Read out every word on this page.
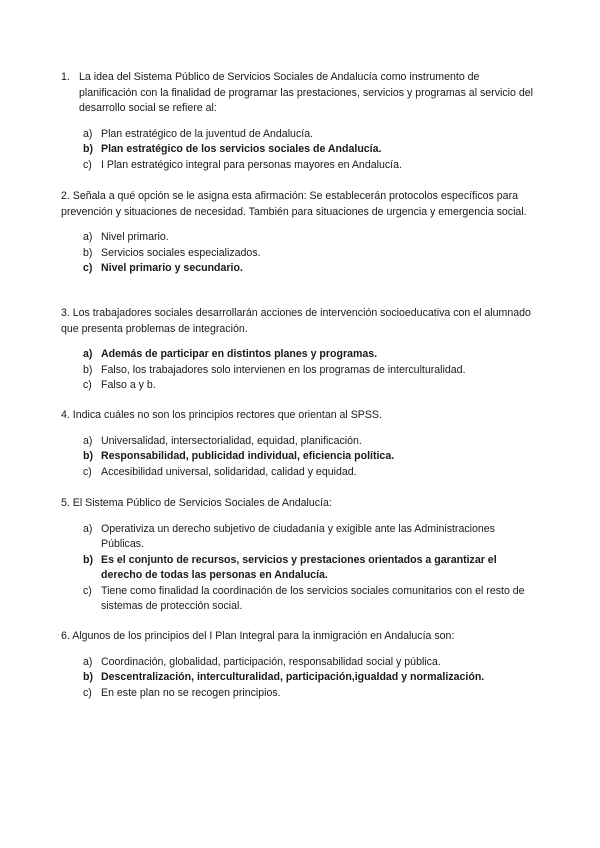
1. La idea del Sistema Público de Servicios Sociales de Andalucía como instrumento de planificación con la finalidad de programar las prestaciones, servicios y programas al servicio del desarrollo social se refiere al:

a) Plan estratégico de la juventud de Andalucía.
b) Plan estratégico de los servicios sociales de Andalucía.
c) I Plan estratégico integral para personas mayores en Andalucía.

2. Señala a qué opción se le asigna esta afirmación: Se establecerán protocolos específicos para prevención y situaciones de necesidad. También para situaciones de urgencia y emergencia social.

a) Nivel primario.
b) Servicios sociales especializados.
c) Nivel primario y secundario.

3. Los trabajadores sociales desarrollarán acciones de intervención socioeducativa con el alumnado que presenta problemas de integración.

a) Además de participar en distintos planes y programas.
b) Falso, los trabajadores solo intervienen en los programas de interculturalidad.
c) Falso a y b.

4. Indica cuáles no son los principios rectores que orientan al SPSS.

a) Universalidad, intersectorialidad, equidad, planificación.
b) Responsabilidad, publicidad individual, eficiencia política.
c) Accesibilidad universal, solidaridad, calidad y equidad.

5. El Sistema Público de Servicios Sociales de Andalucía:

a) Operativiza un derecho subjetivo de ciudadanía y exigible ante las Administraciones Públicas.
b) Es el conjunto de recursos, servicios y prestaciones orientados a garantizar el derecho de todas las personas en Andalucía.
c) Tiene como finalidad la coordinación de los servicios sociales comunitarios con el resto de sistemas de protección social.

6. Algunos de los principios del I Plan Integral para la inmigración en Andalucía son:

a) Coordinación, globalidad, participación, responsabilidad social y pública.
b) Descentralización, interculturalidad, participación,igualdad y normalización.
c) En este plan no se recogen principios.
